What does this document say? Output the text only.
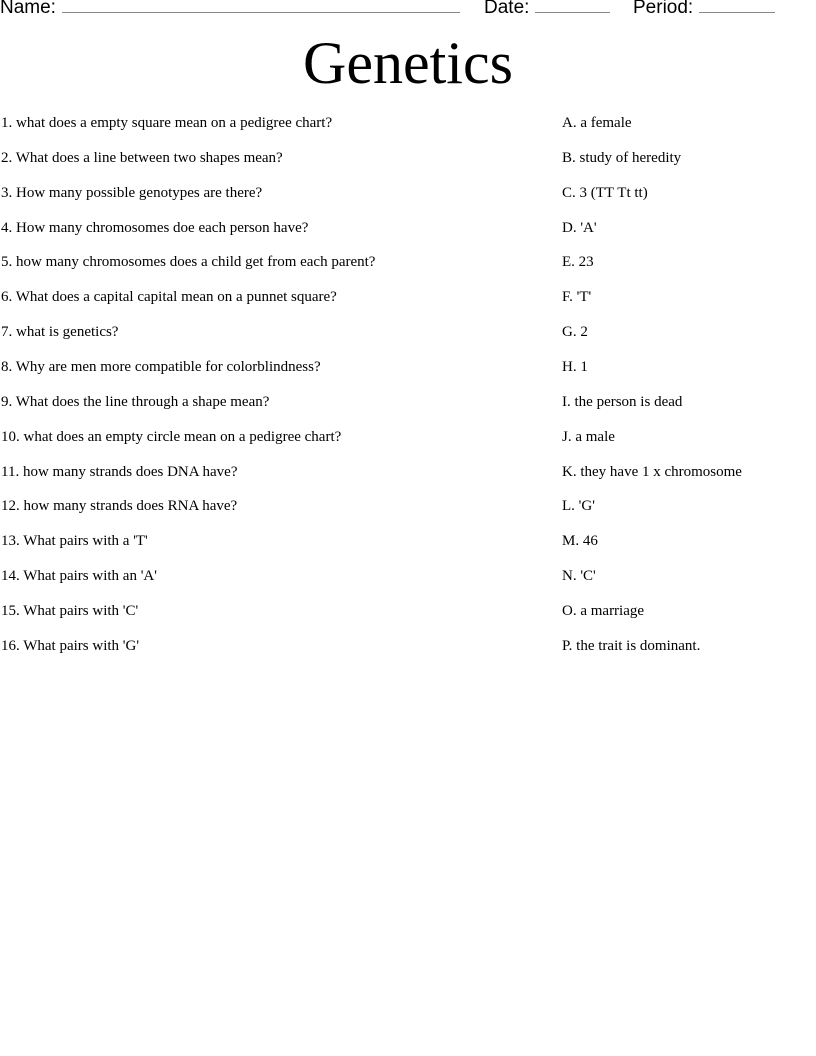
Name:	Date:	Period:
Genetics
1. what does a empty square mean on a pedigree chart?	A. a female
2. What does a line between two shapes mean?	B. study of heredity
3. How many possible genotypes are there?	C. 3 (TT Tt tt)
4. How many chromosomes doe each person have?	D. 'A'
5. how many chromosomes does a child get from each parent?	E. 23
6. What does a capital capital mean on a punnet square?	F. 'T'
7. what is genetics?	G. 2
8. Why are men more compatible for colorblindness?	H. 1
9. What does the line through a shape mean?	I. the person is dead
10. what does an empty circle mean on a pedigree chart?	J. a male
11. how many strands does DNA have?	K. they have 1 x chromosome
12. how many strands does RNA have?	L. 'G'
13. What pairs with a 'T'	M. 46
14. What pairs with an 'A'	N. 'C'
15. What pairs with 'C'	O. a marriage
16. What pairs with 'G'	P. the trait is dominant.
